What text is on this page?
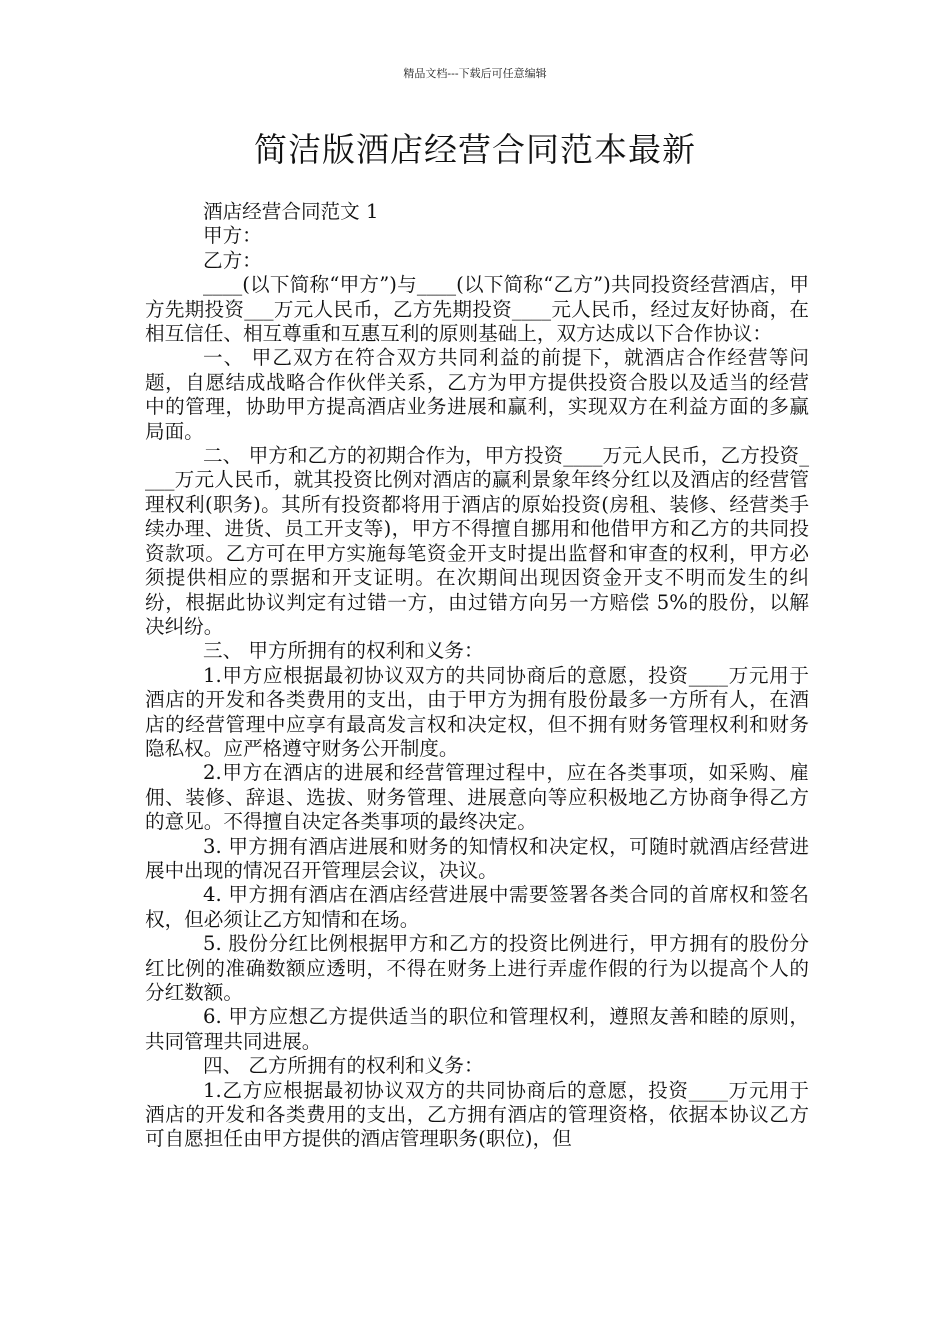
精品文档---下载后可任意编辑
简洁版酒店经营合同范本最新

酒店经营合同范文 1

甲方：

乙方：

____(以下简称“甲方”)与____(以下简称“乙方”)共同投资经营酒店，甲方先期投资___万元人民币，乙方先期投资____元人民币，经过友好协商，在相互信任、相互尊重和互惠互利的原则基础上，双方达成以下合作协议：

一、 甲乙双方在符合双方共同利益的前提下，就酒店合作经营等问题，自愿结成战略合作伙伴关系，乙方为甲方提供投资合股以及适当的经营中的管理，协助甲方提高酒店业务进展和赢利，实现双方在利益方面的多赢局面。

二、 甲方和乙方的初期合作为，甲方投资____万元人民币，乙方投资____万元人民币，就其投资比例对酒店的赢利景象年终分红以及酒店的经营管理权利(职务)。其所有投资都将用于酒店的原始投资(房租、装修、经营类手续办理、进货、员工开支等)，甲方不得擅自挪用和他借甲方和乙方的共同投资款项。乙方可在甲方实施每笔资金开支时提出监督和审查的权利，甲方必须提供相应的票据和开支证明。在次期间出现因资金开支不明而发生的纠纷，根据此协议判定有过错一方，由过错方向另一方赔偿 5%的股份，以解决纠纷。

三、 甲方所拥有的权利和义务：

1.甲方应根据最初协议双方的共同协商后的意愿，投资____万元用于酒店的开发和各类费用的支出，由于甲方为拥有股份最多一方所有人，在酒店的经营管理中应享有最高发言权和决定权，但不拥有财务管理权利和财务隐私权。应严格遵守财务公开制度。

2.甲方在酒店的进展和经营管理过程中，应在各类事项，如采购、雇佣、装修、辞退、选拔、财务管理、进展意向等应积极地乙方协商争得乙方的意见。不得擅自决定各类事项的最终决定。

3. 甲方拥有酒店进展和财务的知情权和决定权，可随时就酒店经营进展中出现的情况召开管理层会议，决议。

4. 甲方拥有酒店在酒店经营进展中需要签署各类合同的首席权和签名权，但必须让乙方知情和在场。

5. 股份分红比例根据甲方和乙方的投资比例进行，甲方拥有的股份分红比例的准确数额应透明，不得在财务上进行弄虚作假的行为以提高个人的分红数额。

6. 甲方应想乙方提供适当的职位和管理权利，遵照友善和睦的原则，共同管理共同进展。

四、 乙方所拥有的权利和义务：

1.乙方应根据最初协议双方的共同协商后的意愿，投资____万元用于酒店的开发和各类费用的支出，乙方拥有酒店的管理资格，依据本协议乙方可自愿担任由甲方提供的酒店管理职务(职位)，但
